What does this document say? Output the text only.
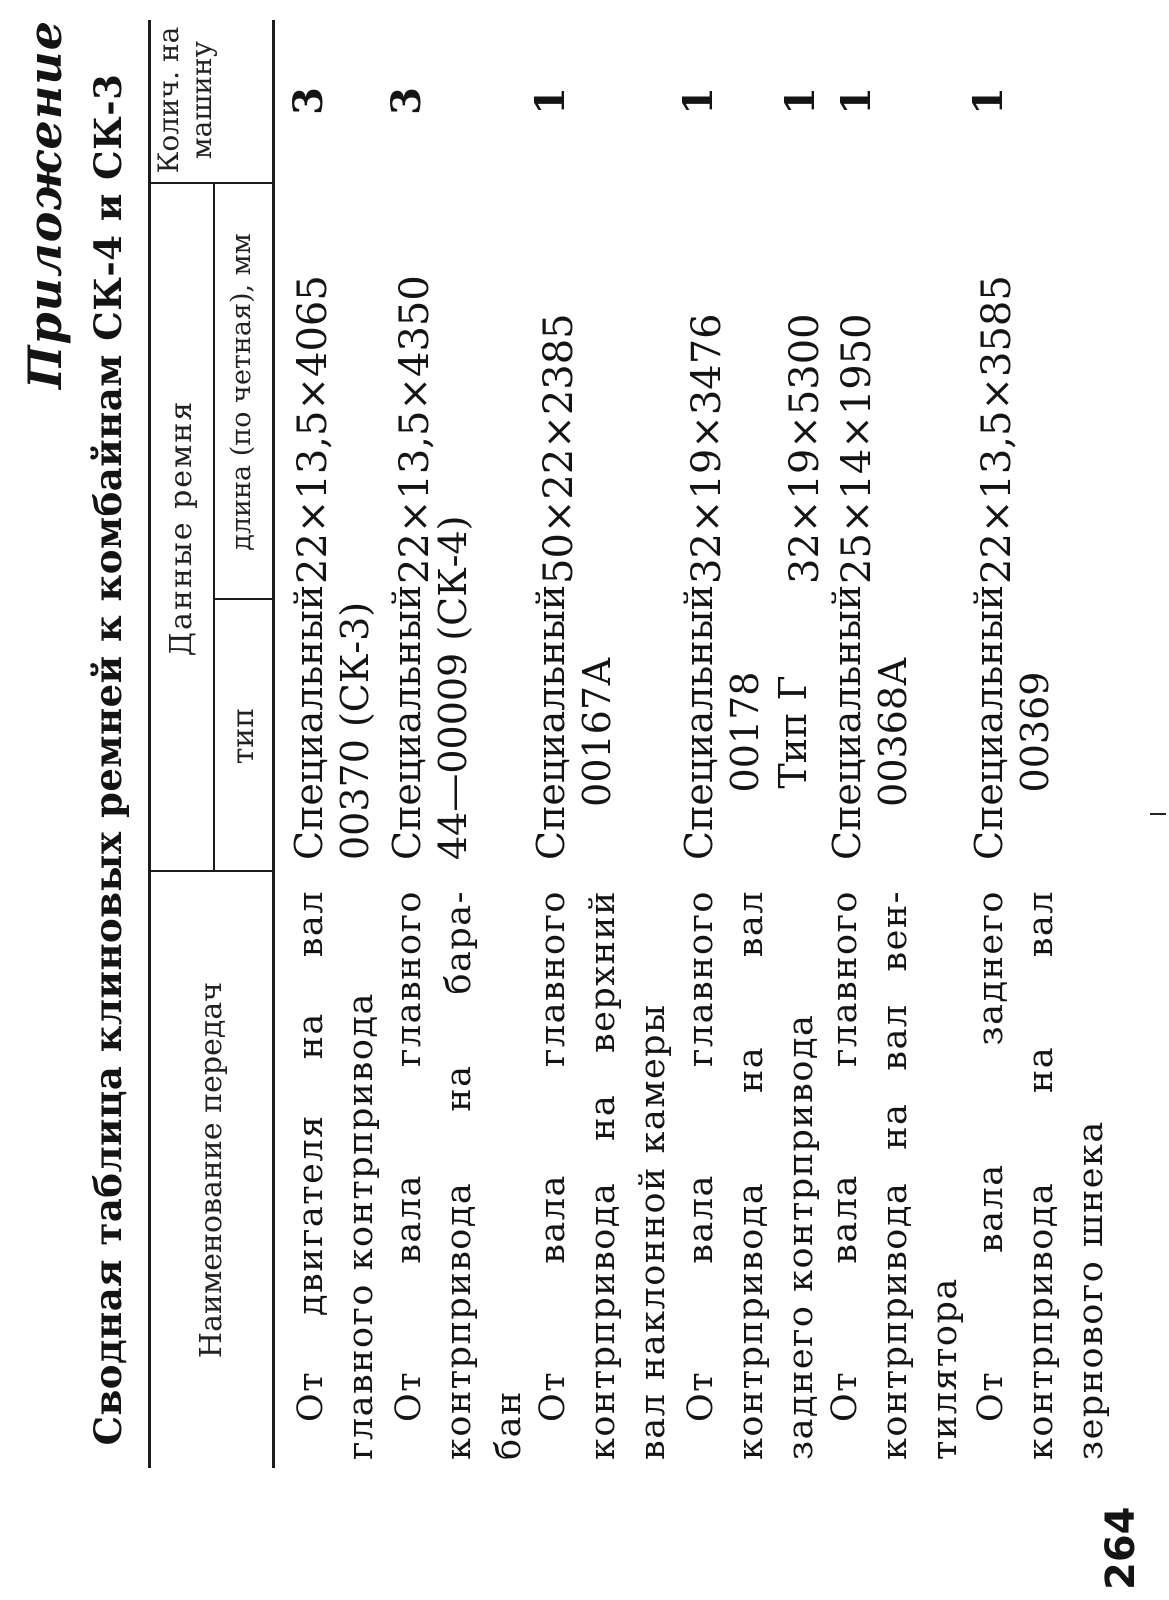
Приложение Сводная таблица клиновых ремней к комбайнам СК-4 и СК-3 Наименование передач
Данные ремня
тип
длина (по четная), мм
Колич. на машину
От двигателя на вал главного контрпривода
Специальный 00370 (СК-3)
22×13,5×4065
3
От вала главного контрпривода на бара- бан
Специальный 44—00009 (СК-4)
22×13,5×4350
3
От вала главного контрпривода на верхний вал наклонной камеры
Специальный 00167А
50×22×2385
1
От вала главного контрпривода на вал заднего контрпривода
Специальный 00178
32×19×3476
1
Тип Г
32×19×5300
1
От вала главного контрпривода на вал вен- тилятора
Специальный 00368А
25×14×1950
1
От вала заднего контрпривода на вал зернового шнека
Специальный 00369
22×13,5×3585
1
264
